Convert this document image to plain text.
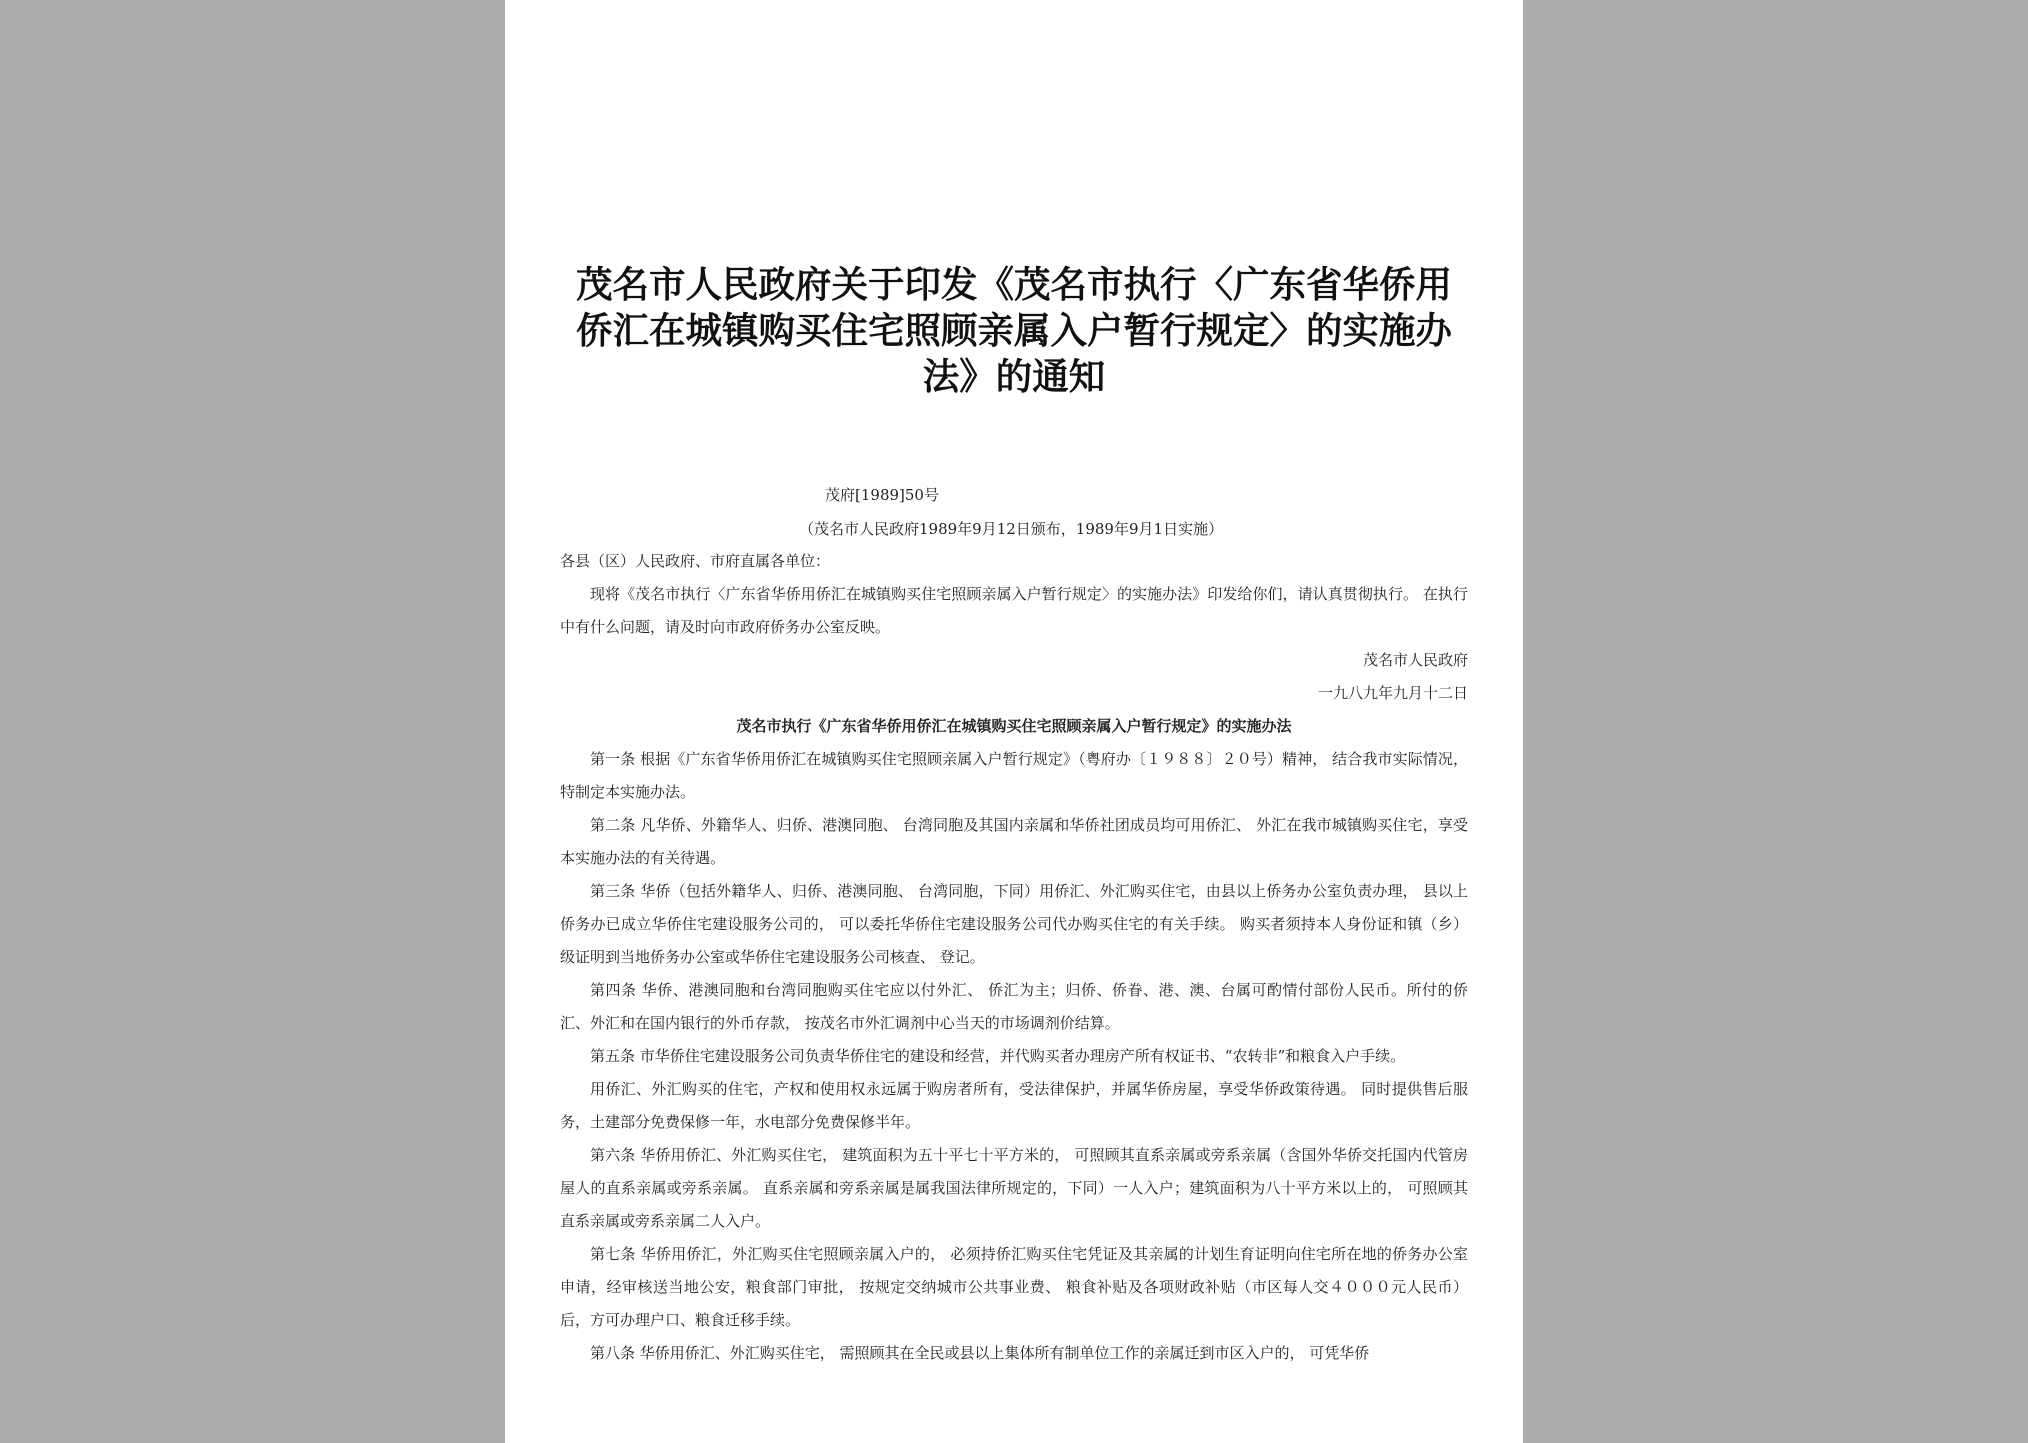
茂名市人民政府关于印发《茂名市执行〈广东省华侨用
侨汇在城镇购买住宅照顾亲属入户暂行规定〉的实施办
法》的通知
茂府[1989]50号
（茂名市人民政府1989年9月12日颁布，1989年9月1日实施）
各县（区）人民政府、市府直属各单位：

现将《茂名市执行〈广东省华侨用侨汇在城镇购买住宅照顾亲属入户暂行规定〉的实施办法》印发给你们，请认真贯彻执行。 在执行中有什么问题，请及时向市政府侨务办公室反映。

茂名市人民政府

一九八九年九月十二日

茂名市执行《广东省华侨用侨汇在城镇购买住宅照顾亲属入户暂行规定》的实施办法

第一条 根据《广东省华侨用侨汇在城镇购买住宅照顾亲属入户暂行规定》（粤府办〔１９８８〕２０号）精神， 结合我市实际情况，特制定本实施办法。

第二条 凡华侨、外籍华人、归侨、港澳同胞、 台湾同胞及其国内亲属和华侨社团成员均可用侨汇、 外汇在我市城镇购买住宅，享受本实施办法的有关待遇。

第三条 华侨（包括外籍华人、归侨、港澳同胞、 台湾同胞，下同）用侨汇、外汇购买住宅，由县以上侨务办公室负责办理， 县以上侨务办已成立华侨住宅建设服务公司的， 可以委托华侨住宅建设服务公司代办购买住宅的有关手续。 购买者须持本人身份证和镇（乡）级证明到当地侨务办公室或华侨住宅建设服务公司核查、 登记。

第四条 华侨、港澳同胞和台湾同胞购买住宅应以付外汇、 侨汇为主；归侨、侨眷、港、澳、台属可酌情付部份人民币。所付的侨汇、外汇和在国内银行的外币存款， 按茂名市外汇调剂中心当天的市场调剂价结算。

第五条 市华侨住宅建设服务公司负责华侨住宅的建设和经营，并代购买者办理房产所有权证书、“农转非”和粮食入户手续。

用侨汇、外汇购买的住宅，产权和使用权永远属于购房者所有，受法律保护，并属华侨房屋，享受华侨政策待遇。 同时提供售后服务，土建部分免费保修一年，水电部分免费保修半年。

第六条 华侨用侨汇、外汇购买住宅， 建筑面积为五十平七十平方米的， 可照顾其直系亲属或旁系亲属（含国外华侨交托国内代管房屋人的直系亲属或旁系亲属。 直系亲属和旁系亲属是属我国法律所规定的，下同）一人入户；建筑面积为八十平方米以上的， 可照顾其直系亲属或旁系亲属二人入户。

第七条 华侨用侨汇，外汇购买住宅照顾亲属入户的， 必须持侨汇购买住宅凭证及其亲属的计划生育证明向住宅所在地的侨务办公室申请，经审核送当地公安，粮食部门审批， 按规定交纳城市公共事业费、 粮食补贴及各项财政补贴（市区每人交４０００元人民币）后，方可办理户口、粮食迁移手续。

第八条 华侨用侨汇、外汇购买住宅， 需照顾其在全民或县以上集体所有制单位工作的亲属迁到市区入户的， 可凭华侨
